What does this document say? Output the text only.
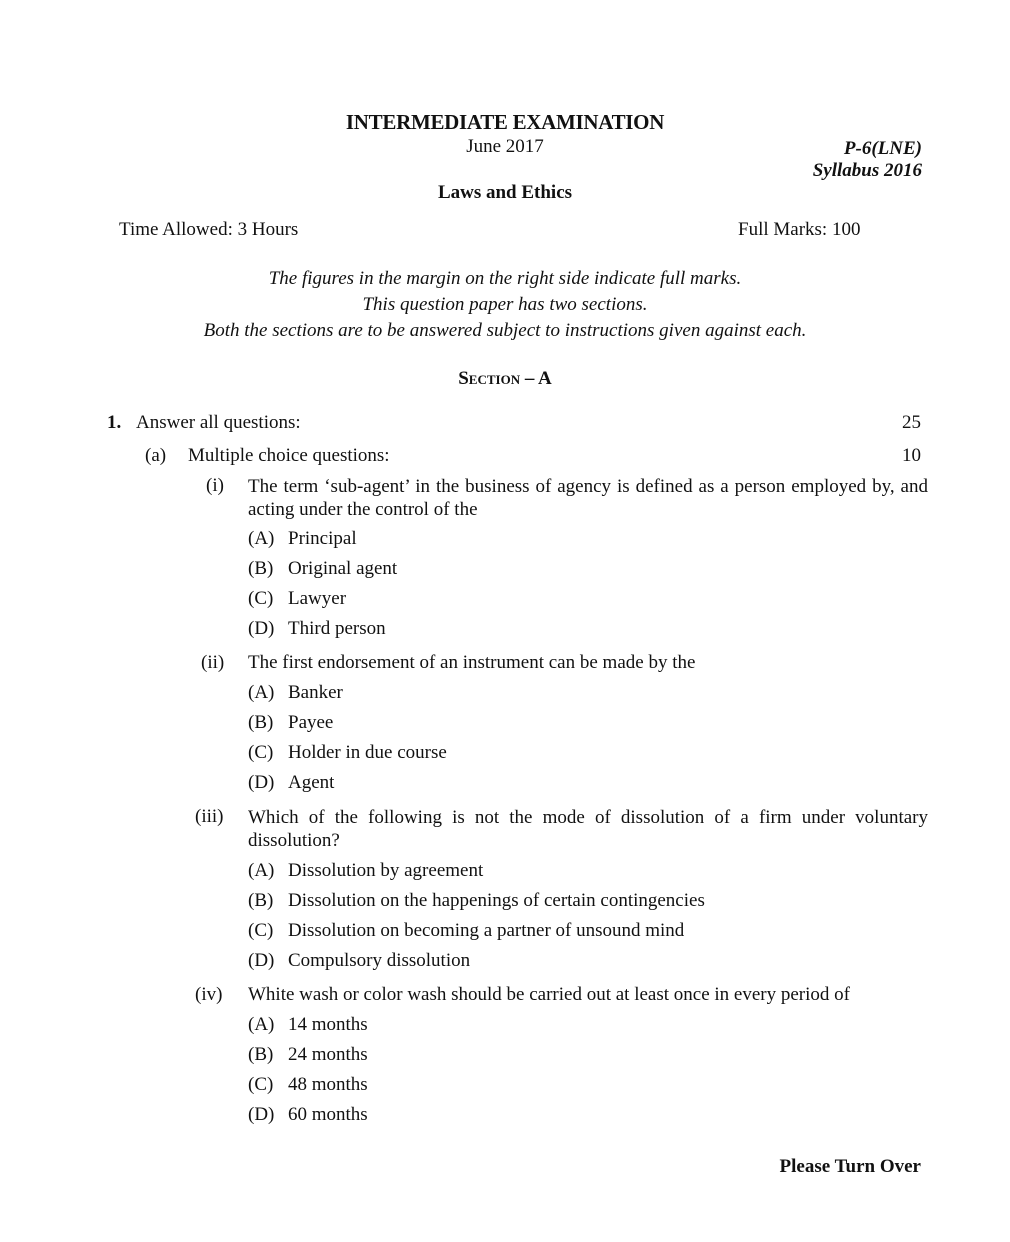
INTERMEDIATE EXAMINATION
June 2017	P-6(LNE)
Syllabus 2016
Laws and Ethics
Time Allowed: 3 Hours	Full Marks: 100
The figures in the margin on the right side indicate full marks.
This question paper has two sections.
Both the sections are to be answered subject to instructions given against each.
Section – A
1. Answer all questions:	25
(a) Multiple choice questions:	10
(i) The term ‘sub-agent’ in the business of agency is defined as a person employed by, and acting under the control of the
(A) Principal
(B) Original agent
(C) Lawyer
(D) Third person
(ii) The first endorsement of an instrument can be made by the
(A) Banker
(B) Payee
(C) Holder in due course
(D) Agent
(iii) Which of the following is not the mode of dissolution of a firm under voluntary dissolution?
(A) Dissolution by agreement
(B) Dissolution on the happenings of certain contingencies
(C) Dissolution on becoming a partner of unsound mind
(D) Compulsory dissolution
(iv) White wash or color wash should be carried out at least once in every period of
(A) 14 months
(B) 24 months
(C) 48 months
(D) 60 months
Please Turn Over
